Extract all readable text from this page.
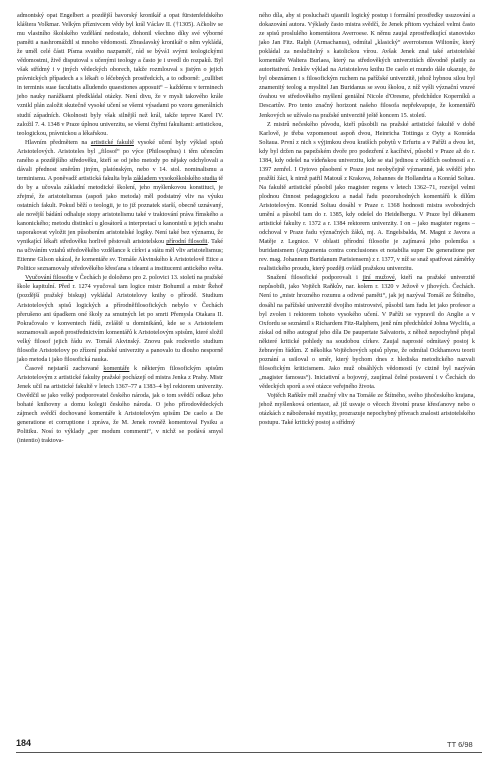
admontský opat Engelbert a pozdější bavorský kronikář a opat fürstenfeldského kláštera Volkmar. Velkým příznivcem vědy byl král Václav II. (†1305). Ačkoliv se mu vlastního školského vzdělání nedostalo, dohonil všechno díky své výborné paměti a nashromáždil si mnoho vědomostí. Zbraslavský kronikář o něm vykládá, že uměl celé části Písma svatého nazpaměť, rád se bývá1 svými teologickými vědomostmi, živě disputoval s učenými teology a často je i uvedl do rozpaků. Byl však střídmý i v jiných vědeckých oborech, takže rozmlouval s jistým o jejich právnických případech a s lékaři o léčebných prostředcích, a to odborně: „cullibet in terminis suae facultatis alludendo quaestiones apposuit“ – každému v terminech jeho nauky narážkami předkládal otázky. Není divu, že v mysli takového krále vznikl plán založit skutečně vysoké učení se všemi výsadami po vzoru generálních studií západních. Okolnosti byly však silnější než král, takže teprve Karel IV. založil 7. 4. 1348 v Praze úplnou univerzitu, se všemi čtyřmi fakultami: artistickou, teologickou, právnickou a lékařskou.

Hlavním předmětem na artistické fakultě vysoké učení byly výklad spisů Aristotelových. Aristoteles byl „filosof“ po výce (Philosophus) i těm učencům raného a pozdějšího středověku, kteří se od jeho metody po nějaky odchylovali a dávali přednost směrům jiným, platónským, nebo v 14. stol. nominalismu a terminismu. A poněvadž artistická fakulta byla základem vysokoškolského studia tě do by a učovala základní metodické školení, jeho myšlenkovou konstituci, je zřejmé, že aristotelismus (aspoň jako metoda) měl podstatný vliv na výuku ostatních fakult. Pokud běží o teologii, je to již poznatek starší, obecně uznávaný, ale novější bádání odhaluje stopy aristotelismu také v traktování práva římského a kanonického; metodu distinkcí u glosátorů a interpretací u kanonistů u jejich snahu usporakovat vyložit jen působením aristotelské logiky. Není také bez významu, že vynikající lékaři středověku horlivě pěstovali aristotelskou přírodní filosofii. Také na učiváním vztahů středověkého vzdělance k církvi a státu měl vliv aristotelismus; Etienne Gilson ukázal, že komentáře sv. Tomáše Akvinského k Aristotelově Etice a Politice seznamovaly středověkého křesťana s ideami a institucemi antického světa.

Vyučování filosofie v Čechách je doloženo pro 2. polovici 13. století na pražské škole kapitulní. Před r. 1274 vyučoval tam logice mistr Bohumil a mistr Řehoř (pozdější pražský biskup) vykládal Aristotelovy knihy o přírodě. Studium Aristotelových spisů logických a přírodněfilosofických nebylo v Čechách přerušeno ani úpadkem oné školy za smutných let po smrti Přemysla Otakara II. Pokračovalo v konventech řádů, zvláště u dominikánů, kde se s Aristotelem seznamovali aspoň prostřednictvím komentářů k Aristotelovým spisům, které složil velký filosof jejich řádu sv. Tomáš Akvinský. Znovu pak rozkvetlo studium filosofie Aristotelovy po zřízení pražské univerzity a panovalo tu dlouho nesporně jako metoda i jako filosofická nauka.

Časově nejstarší zachované komentáře k některým filosofickým spisům Aristotelovým z artistické fakulty pražské pocházejí od mistra Jenka z Prahy. Mistr Jenek učil na artistické fakultě v letech 1367–77 a 1383–4 byl rektorem univerzity. Osvědčil se jako velký podporovatel českého národa, jak o tom svědčí odkaz jeho bohaté knihovny a domu kolegii českého národa. O jeho přírodovědeckých zájmech svědčí dochované komentáře k Aristotelovým spisům De caelo a De generatione et corruptione i zpráva, že M. Jenek rovněž komentoval Fysiku a Politiku. Nosí to výklady „per modum commenti“, v nichž se podává smysl (intentio) traktova-

ného díla, aby si posluchači ujasnili logický postup i formální prostředky usuzování a dokazování autora. Výklady často mistra svědčí, že Jenek přitom vycházel velmi často ze spisů proslulého komentátora Averroese. K němu zaujal zprostředkující stanovisko jako Jan Fitz. Ralph (Armachanus), odmítal „klasický“ averroismus Wiltonův, který pokládal za neslučitelný s katolickou vírou. Avšak Jenek znal také aristotelské komentáře Walterа Burlaea, který na středověkých univerzitách důvodně platily za autoritativní. Jenkův výklad na Aristotelovu knihu De caelo et mundo dále ukazuje, že byl obeznámen i s filosofickým ruchem na pařížské univerzitě, jehož hybnou silou byl znamenitý teolog a myslitel Jan Buridanus se svou školou, z níž vyšli význační vnuvé úvahou ve středověkého myšlení geniální Nicole d'Oresme, předchůdce Koperníků a Descartův. Pro tento značný horizont našeho filosofa nepřekvapuje, že komentářů Jenkových se užívalo na pražské univerzitě ještě koncem 15. století.

Z mistrů nečeského původu, kteří působili na pražské artistické fakultě v době Karlově, je třeba vzpomenout aspoň dvou, Heinricha Tottinga z Oyty a Konráda Soltaua. První z nich s výjimkou dvou kratších pobytů v Erfurtu a v Paříži a dvou let, kdy byl držen na papežském dvoře pro podezření z kacířství, působil v Praze až do r. 1384, kdy odešel na vídeňskou univerzitu, kde se stal jedinou z vůdčích osobností a r. 1397 zemřel. I Oytovo působení v Praze jest neobyčejně významné, jak svědčí jeho pražští žáci, k nimž patřil Matouš z Krakova, Johannes de Hollandria a Konrád Soltau. Na fakultě artistické působil jako magister regens v letech 1362–71, rozvíjel velmi plodnou činnost pedagogickou a nadal řadu pozoruhodných komentářů k dílům Aristotelovým. Konrád Soltau dosáhl v Praze r. 1368 hodnosti mistra svobodných umění a působil tam do r. 1385, kdy odešel do Heidelbergu. V Praze byl děkanem artistické fakulty r. 1372 a r. 1384 rektorem univerzity. I on – jako magister regens – odchoval v Praze řadu význačných žáků, mj. A. Engelsbalda, M. Magni z Javora a Matěje z Legnice. V oblasti přírodní filosofie je zajímavá jeho polemika s buridanismem (Argumenta contra conclusiones et notabilia super De generatione per rev. mag. Johannem Buridanum Parisiensem) z r. 1377, v níž se snaž spatřovat záměrky realistického proudu, který později ovládl pražskou univerzitu.

Snažení filosofické podporovali i jiní mužové, kteří na pražské univerzitě nepůsobili, jako Vojtěch Raňkův, nar. kolem r. 1320 v Ježově v jihových. Čechách. Není to „mistr hrozného rozumu a odivné paměti“, jak jej nazýval Tomáš ze Štítného, dosáhl na pařížské univerzitě dvojího mistrovství, působil tam řadu let jako profesor a byl zvolen i rektorem tohoto vysokého učení. V Paříži se vypravil do Anglie a v Oxfordu se seznámil s Richardem Fitz-Ralphem, jenž ním předchůdcé Johna Wyclifa, a získal od něho autograf jeho díla De paupertate Salvatoris, z něhož nepochybně přejal některé kritické pohledy na soudobou církev. Zaujal naprosté odmítavý postoj k žebravým řádům. Z několika Vojtěchových spisů plyne, že odmítal Ockhamovu teorii poznání a usiloval o směr, který bychom dnes z hlediska metodického nazvali filosofickým kriticismem. Jako muž obsáhlých vědomostí (v cizině byl nazýván „magister famosus“). Iniciativní a bojovný, zaujímal čelné postavení i v Čechách do vědeckých sporů a své otázce veřejného života.

Vojtěch Raňkův měl značný vliv na Tomáše ze Štítného, svého jihočeského krajana, jehož myšlenková orientace, až již usvaje o věcech životní praxe křesťanovy nebo o otázkách z náboženské mystiky, prozrazuje nepochybný přívrach znalosti aristotelského postupu. Také kritický postoj a střídmý

184	TT 6/98
